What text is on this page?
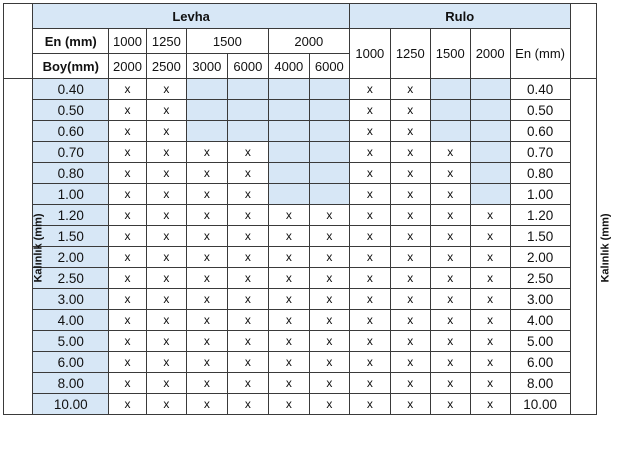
	Levha							Rulo					
	En (mm)	1000	1250	1500		2000		1000	1250	1500	2000	En (mm)	
	Boy(mm)	2000	2500	3000	6000	4000	6000						
Kalınlık (mm)	0.40	x	x					x	x			0.40	Kalınlık (mm)
	0.50	x	x					x	x			0.50	
	0.60	x	x					x	x			0.60	
	0.70	x	x	x	x			x	x	x		0.70	
	0.80	x	x	x	x			x	x	x		0.80	
	1.00	x	x	x	x			x	x	x		1.00	
	1.20	x	x	x	x	x	x	x	x	x	x	1.20	
	1.50	x	x	x	x	x	x	x	x	x	x	1.50	
	2.00	x	x	x	x	x	x	x	x	x	x	2.00	
	2.50	x	x	x	x	x	x	x	x	x	x	2.50	
	3.00	x	x	x	x	x	x	x	x	x	x	3.00	
	4.00	x	x	x	x	x	x	x	x	x	x	4.00	
	5.00	x	x	x	x	x	x	x	x	x	x	5.00	
	6.00	x	x	x	x	x	x	x	x	x	x	6.00	
	8.00	x	x	x	x	x	x	x	x	x	x	8.00	
	10.00	x	x	x	x	x	x	x	x	x	x	10.00	
